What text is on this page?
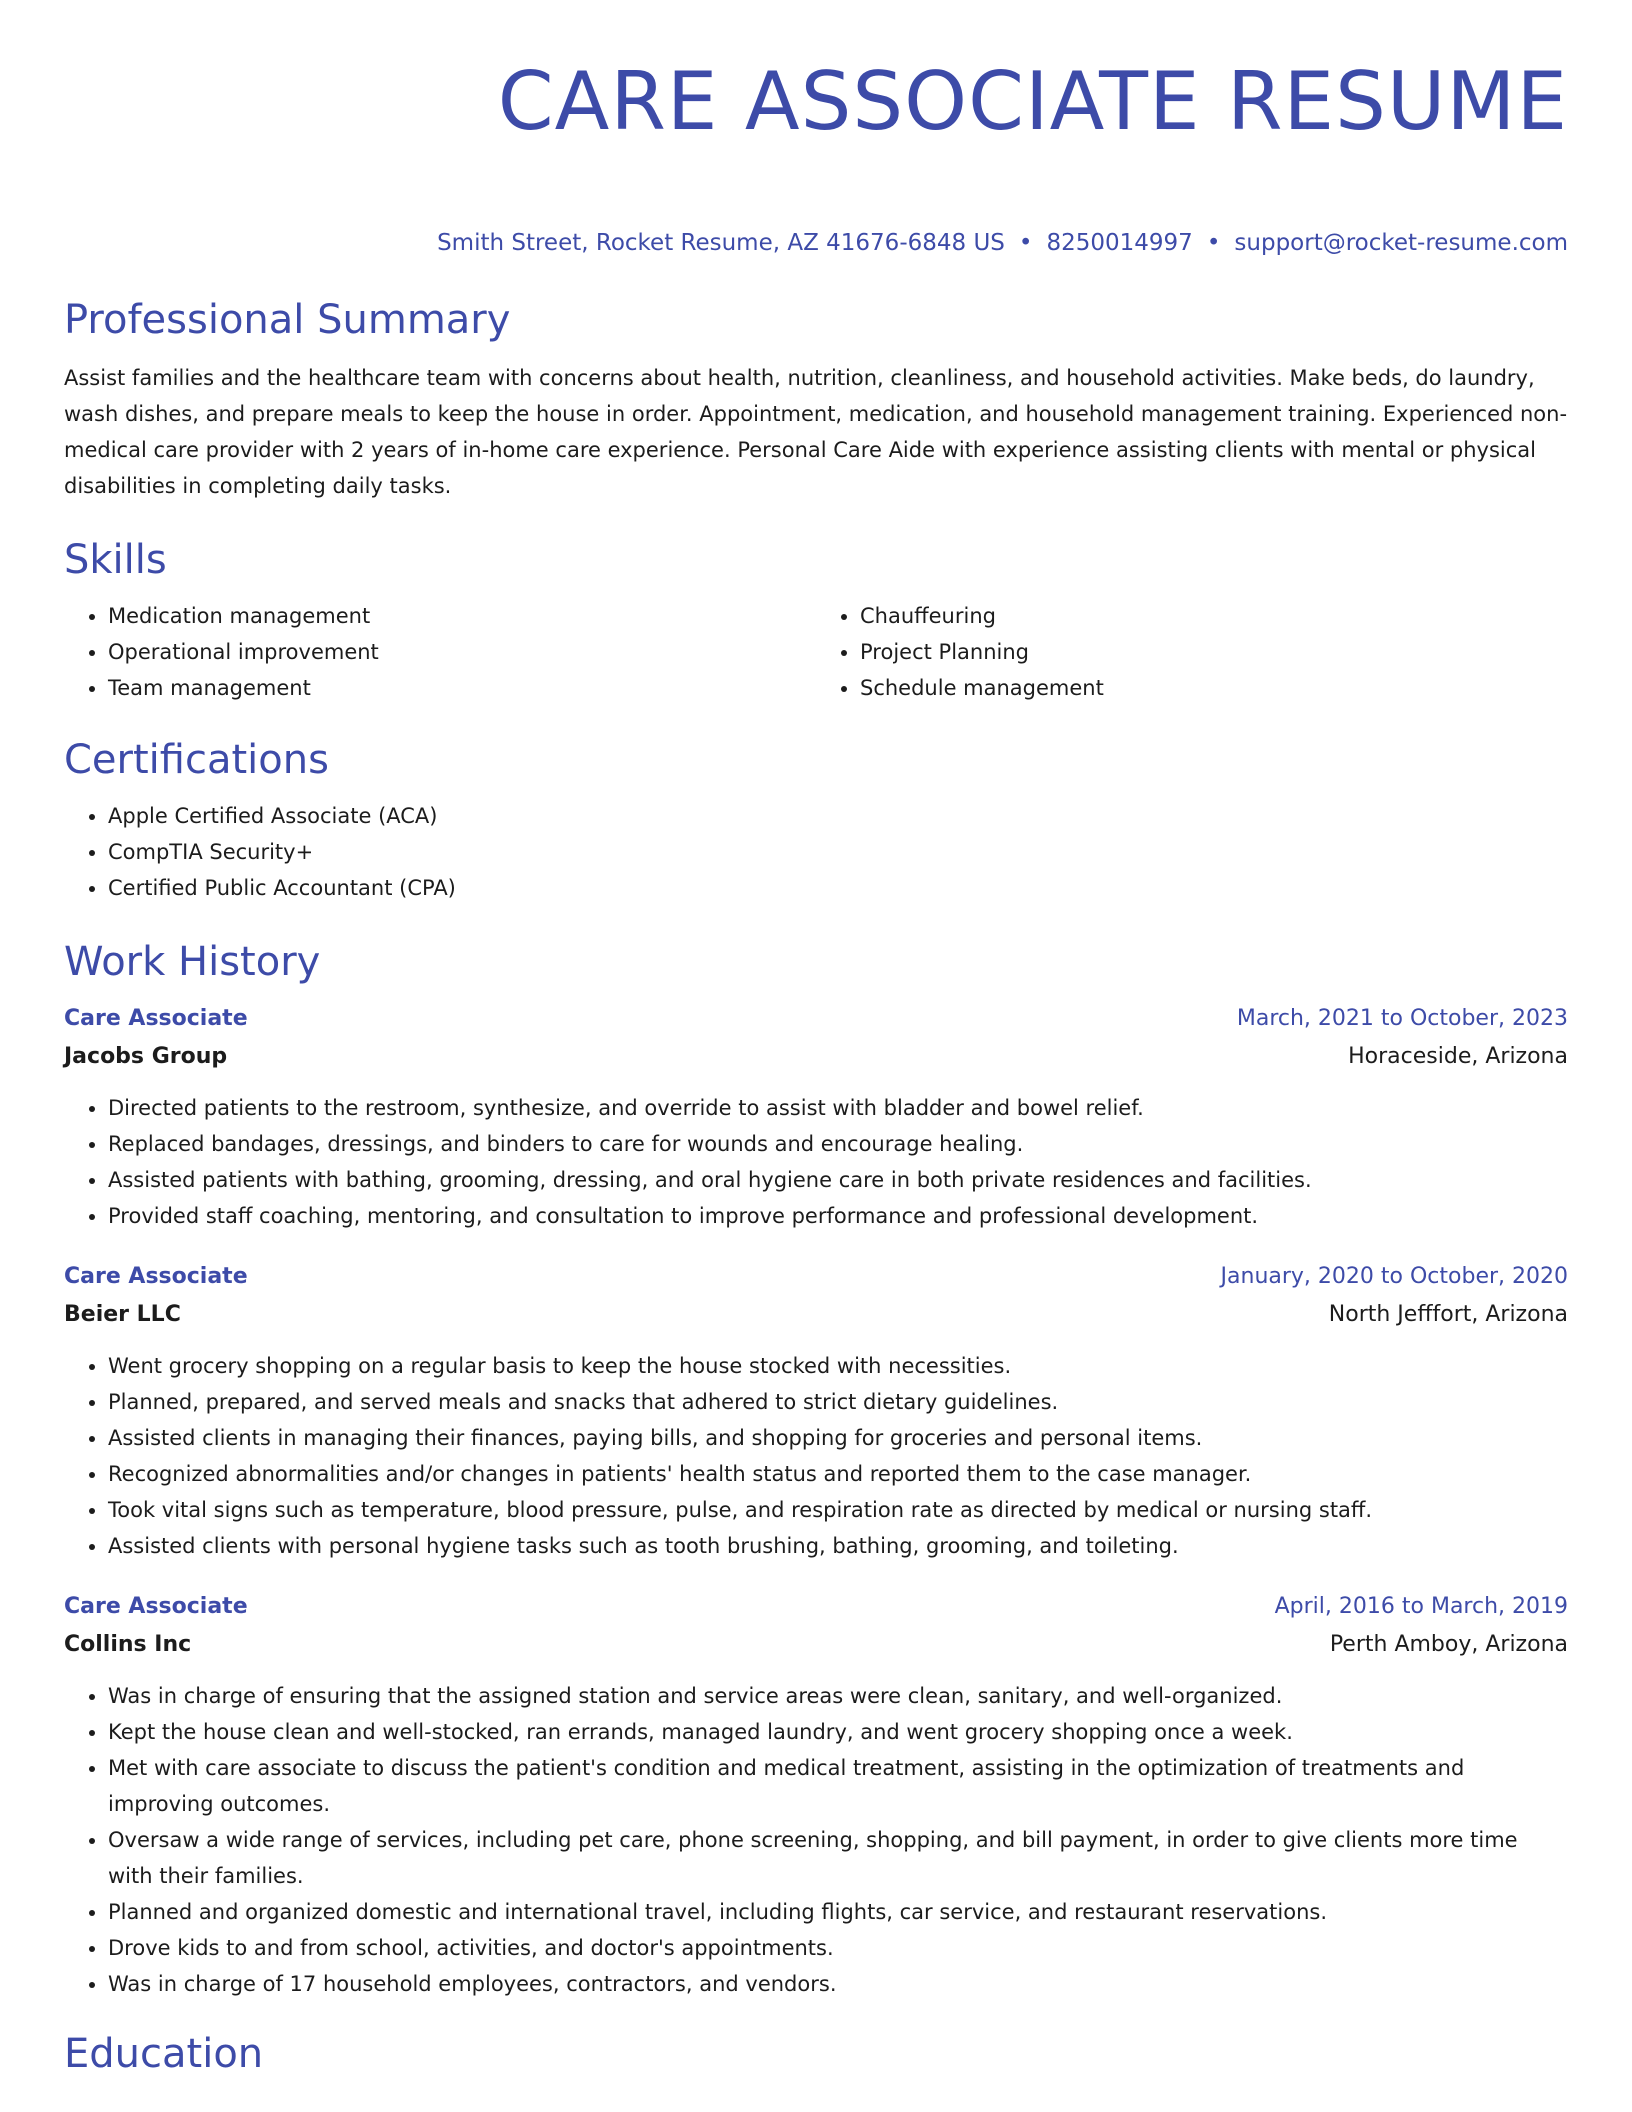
CARE ASSOCIATE RESUME
Smith Street, Rocket Resume, AZ 41676-6848 US • 8250014997 • support@rocket-resume.com
Professional Summary

Assist families and the healthcare team with concerns about health, nutrition, cleanliness, and household activities. Make beds, do laundry, wash dishes, and prepare meals to keep the house in order. Appointment, medication, and household management training. Experienced non-medical care provider with 2 years of in-home care experience. Personal Care Aide with experience assisting clients with mental or physical disabilities in completing daily tasks.

Skills
• Medication management
• Operational improvement
• Team management
• Chauffeuring
• Project Planning
• Schedule management
Certifications
• Apple Certified Associate (ACA)
• CompTIA Security+
• Certified Public Accountant (CPA)
Work History
Care Associate	March, 2021 to October, 2023
Jacobs Group	Horaceside, Arizona
• Directed patients to the restroom, synthesize, and override to assist with bladder and bowel relief.
• Replaced bandages, dressings, and binders to care for wounds and encourage healing.
• Assisted patients with bathing, grooming, dressing, and oral hygiene care in both private residences and facilities.
• Provided staff coaching, mentoring, and consultation to improve performance and professional development.
Care Associate	January, 2020 to October, 2020
Beier LLC	North Jefffort, Arizona
• Went grocery shopping on a regular basis to keep the house stocked with necessities.
• Planned, prepared, and served meals and snacks that adhered to strict dietary guidelines.
• Assisted clients in managing their finances, paying bills, and shopping for groceries and personal items.
• Recognized abnormalities and/or changes in patients' health status and reported them to the case manager.
• Took vital signs such as temperature, blood pressure, pulse, and respiration rate as directed by medical or nursing staff.
• Assisted clients with personal hygiene tasks such as tooth brushing, bathing, grooming, and toileting.
Care Associate	April, 2016 to March, 2019
Collins Inc	Perth Amboy, Arizona
• Was in charge of ensuring that the assigned station and service areas were clean, sanitary, and well-organized.
• Kept the house clean and well-stocked, ran errands, managed laundry, and went grocery shopping once a week.
• Met with care associate to discuss the patient's condition and medical treatment, assisting in the optimization of treatments and improving outcomes.
• Oversaw a wide range of services, including pet care, phone screening, shopping, and bill payment, in order to give clients more time with their families.
• Planned and organized domestic and international travel, including flights, car service, and restaurant reservations.
• Drove kids to and from school, activities, and doctor's appointments.
• Was in charge of 17 household employees, contractors, and vendors.
Education
